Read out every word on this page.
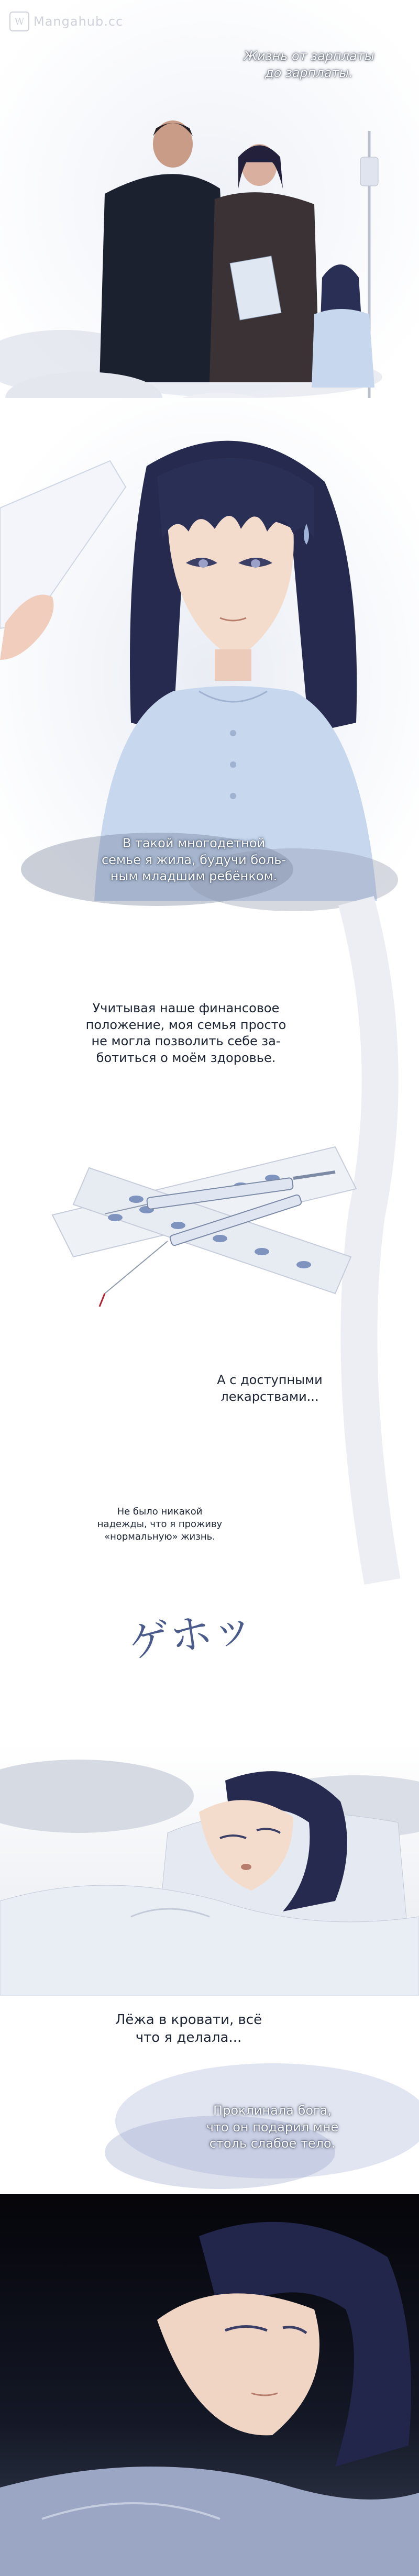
W Mangahub.cc
Жизнь от зарплаты
до зарплаты.
В такой многодетной
семье я жила, будучи боль-
ным младшим ребёнком.
Учитывая наше финансовое
положение, моя семья просто
не могла позволить себе за-
ботиться о моём здоровье.
А с доступными
лекарствами...
Не было никакой
надежды, что я проживу
«нормальную» жизнь.
ゲホッ
Лёжа в кровати, всё
что я делала...
Проклинала бога,
что он подарил мне
столь слабое тело.
